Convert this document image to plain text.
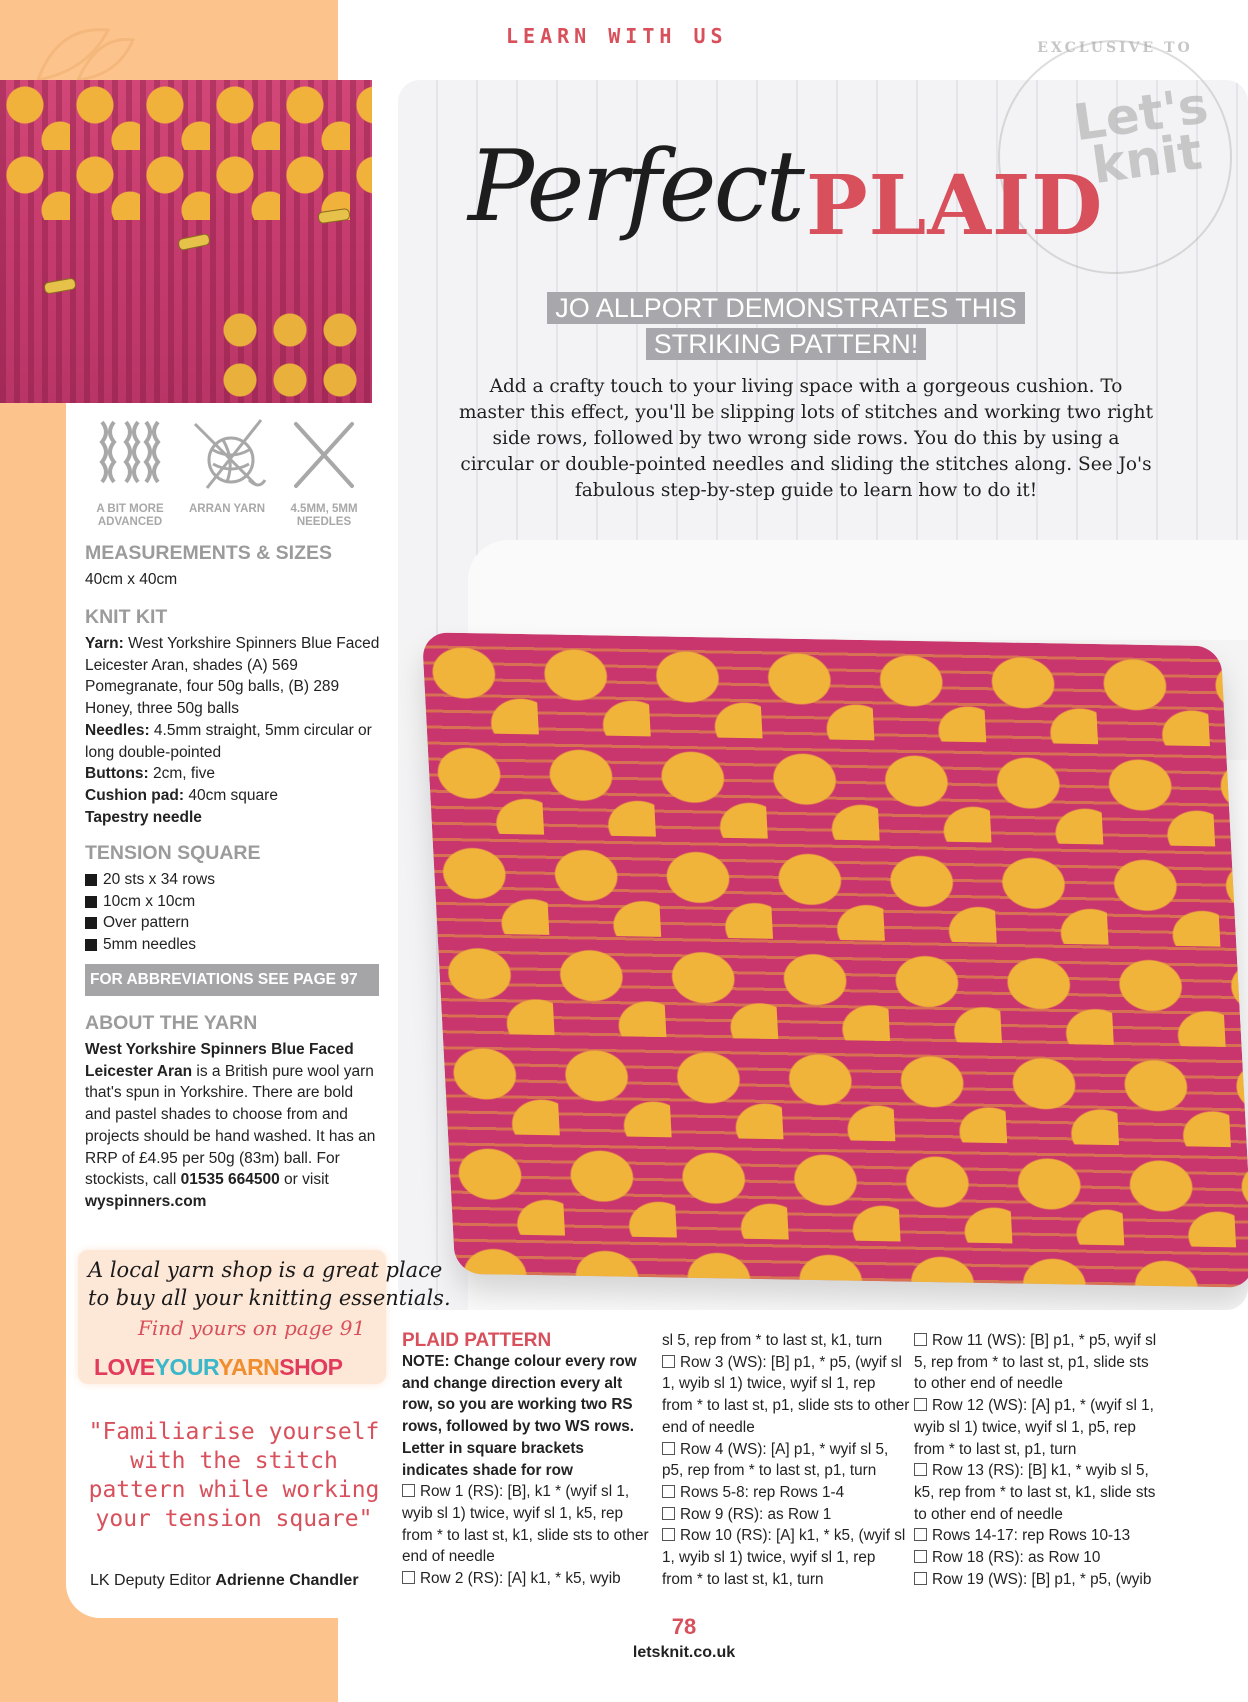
LEARN WITH US	EXCLUSIVE TO
Let's knit
Perfect PLAID
JO ALLPORT DEMONSTRATES THIS
STRIKING PATTERN!
Add a crafty touch to your living space with a gorgeous cushion. To master this effect, you'll be slipping lots of stitches and working two right side rows, followed by two wrong side rows. You do this by using a circular or double-pointed needles and sliding the stitches along. See Jo's fabulous step-by-step guide to learn how to do it!
A BIT MORE ADVANCED
ARRAN YARN	4.5MM, 5MM NEEDLES
MEASUREMENTS & SIZES
40cm x 40cm
KNIT KIT
Yarn: West Yorkshire Spinners Blue Faced Leicester Aran, shades (A) 569 Pomegranate, four 50g balls, (B) 289 Honey, three 50g balls
Needles: 4.5mm straight, 5mm circular or long double-pointed
Buttons: 2cm, five
Cushion pad: 40cm square
Tapestry needle
TENSION SQUARE
20 sts x 34 rows
10cm x 10cm
Over pattern
5mm needles
FOR ABBREVIATIONS SEE PAGE 97
ABOUT THE YARN
West Yorkshire Spinners Blue Faced Leicester Aran is a British pure wool yarn that's spun in Yorkshire. There are bold and pastel shades to choose from and projects should be hand washed. It has an RRP of £4.95 per 50g (83m) ball. For stockists, call 01535 664500 or visit wyspinners.com
A local yarn shop is a great place
to buy all your knitting essentials.
Find yours on page 91
LOVEYOURYARNSHOP
"Familiarise yourself with the stitch pattern while working your tension square"
LK Deputy Editor Adrienne Chandler
PLAID PATTERN
NOTE: Change colour every row and change direction every alt row, so you are working two RS rows, followed by two WS rows. Letter in square brackets indicates shade for row
Row 1 (RS): [B], k1 * (wyif sl 1, wyib sl 1) twice, wyif sl 1, k5, rep from * to last st, k1, slide sts to other end of needle
Row 2 (RS): [A] k1, * k5, wyib
sl 5, rep from * to last st, k1, turn
Row 3 (WS): [B] p1, * p5, (wyif sl 1, wyib sl 1) twice, wyif sl 1, rep from * to last st, p1, slide sts to other end of needle
Row 4 (WS): [A] p1, * wyif sl 5, p5, rep from * to last st, p1, turn
Rows 5-8: rep Rows 1-4
Row 9 (RS): as Row 1
Row 10 (RS): [A] k1, * k5, (wyif sl 1, wyib sl 1) twice, wyif sl 1, rep from * to last st, k1, turn
Row 11 (WS): [B] p1, * p5, wyif sl 5, rep from * to last st, p1, slide sts to other end of needle
Row 12 (WS): [A] p1, * (wyif sl 1, wyib sl 1) twice, wyif sl 1, p5, rep from * to last st, p1, turn
Row 13 (RS): [B] k1, * wyib sl 5, k5, rep from * to last st, k1, slide sts to other end of needle
Rows 14-17: rep Rows 10-13
Row 18 (RS): as Row 10
Row 19 (WS): [B] p1, * p5, (wyib
78
letsknit.co.uk
